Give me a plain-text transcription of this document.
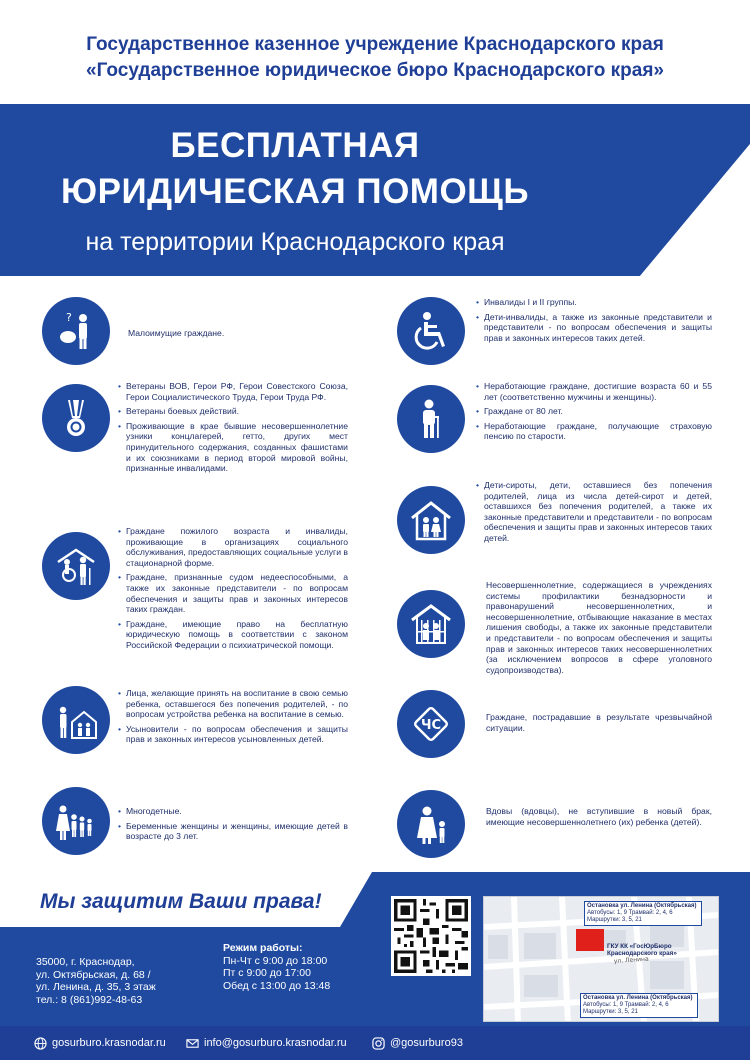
Государственное казенное учреждение Краснодарского края
«Государственное юридическое бюро Краснодарского края»
БЕСПЛАТНАЯ
ЮРИДИЧЕСКАЯ ПОМОЩЬ
на территории Краснодарского края
?
Малоимущие граждане.
• Ветераны ВОВ, Герои РФ, Герои Совестского Союза, Герои Социалистического Труда, Герои Труда РФ.
• Ветераны боевых действий.
• Проживающие в крае бывшие несовершеннолетние узники концлагерей, гетто, других мест принудительного содержания, созданных фашистами и их союзниками в период второй мировой войны, признанные инвалидами.
• Граждане пожилого возраста и инвалиды, проживающие в организациях социального обслуживания, предоставляющих социальные услуги в стационарной форме.
• Граждане, признанные судом недееспособными, а также их законные представители - по вопросам обеспечения и защиты прав и законных интересов таких граждан.
• Граждане, имеющие право на бесплатную юридическую помощь в соответствии с законом Российской Федерации о психиатрической помощи.
• Лица, желающие принять на воспитание в свою семью ребенка, оставшегося без попечения родителей, - по вопросам устройства ребенка на воспитание в семью.
• Усыновители - по вопросам обеспечения и защиты прав и законных интересов усыновленных детей.
• Многодетные.
• Беременные женщины и женщины, имеющие детей в возрасте до 3 лет.
• Инвалиды I и II группы.
• Дети-инвалиды, а также из законные представители и представители - по вопросам обеспечения и защиты прав и законных интересов таких детей.
• Неработающие граждане, достигшие возраста 60 и 55 лет (соответственно мужчины и женщины).
• Граждане от 80 лет.
• Неработающие граждане, получающие страховую пенсию по старости.
• Дети-сироты, дети, оставшиеся без попечения родителей, лица из числа детей-сирот и детей, оставшихся без попечения родителей, а также их законные представители и представители - по вопросам обеспечения и защиты прав и законных интересов таких детей.
Несовершеннолетние, содержащиеся в учреждениях системы профилактики безнадзорности и правонарушений несовершеннолетних, и несовершеннолетние, отбывающие наказание в местах лишения свободы, а также их законные представители и представители - по вопросам обеспечения и защиты прав и законных интересов таких несовершеннолетних (за исключением вопросов в сфере уголовного судопроизводства).
ЧС
Граждане, пострадавшие в результате чрезвычайной ситуации.
Вдовы (вдовцы), не вступившие в новый брак, имеющие несовершеннолетнего (их) ребенка (детей).
Мы защитим Ваши права!
35000, г. Краснодар,
ул. Октябрьская, д. 68 /
ул. Ленина, д. 35, 3 этаж
тел.: 8 (861)992-48-63
Режим работы:
Пн-Чт с 9:00 до 18:00
Пт с 9:00 до 17:00
Обед с 13:00 до 13:48
ул. Ленина
Остановка ул. Ленина (Октябрьская)
Автобусы: 1, 9 Трамвай: 2, 4, 6
Маршрутки: 3, 5, 21
ГКУ КК «ГосЮрБюро Краснодарского края»
Остановка ул. Ленина (Октябрьская)
Автобусы: 1, 9 Трамвай: 2, 4, 6
Маршрутки: 3, 5, 21
gosurburo.krasnodar.ru	info@gosurburo.krasnodar.ru	@gosurburo93
